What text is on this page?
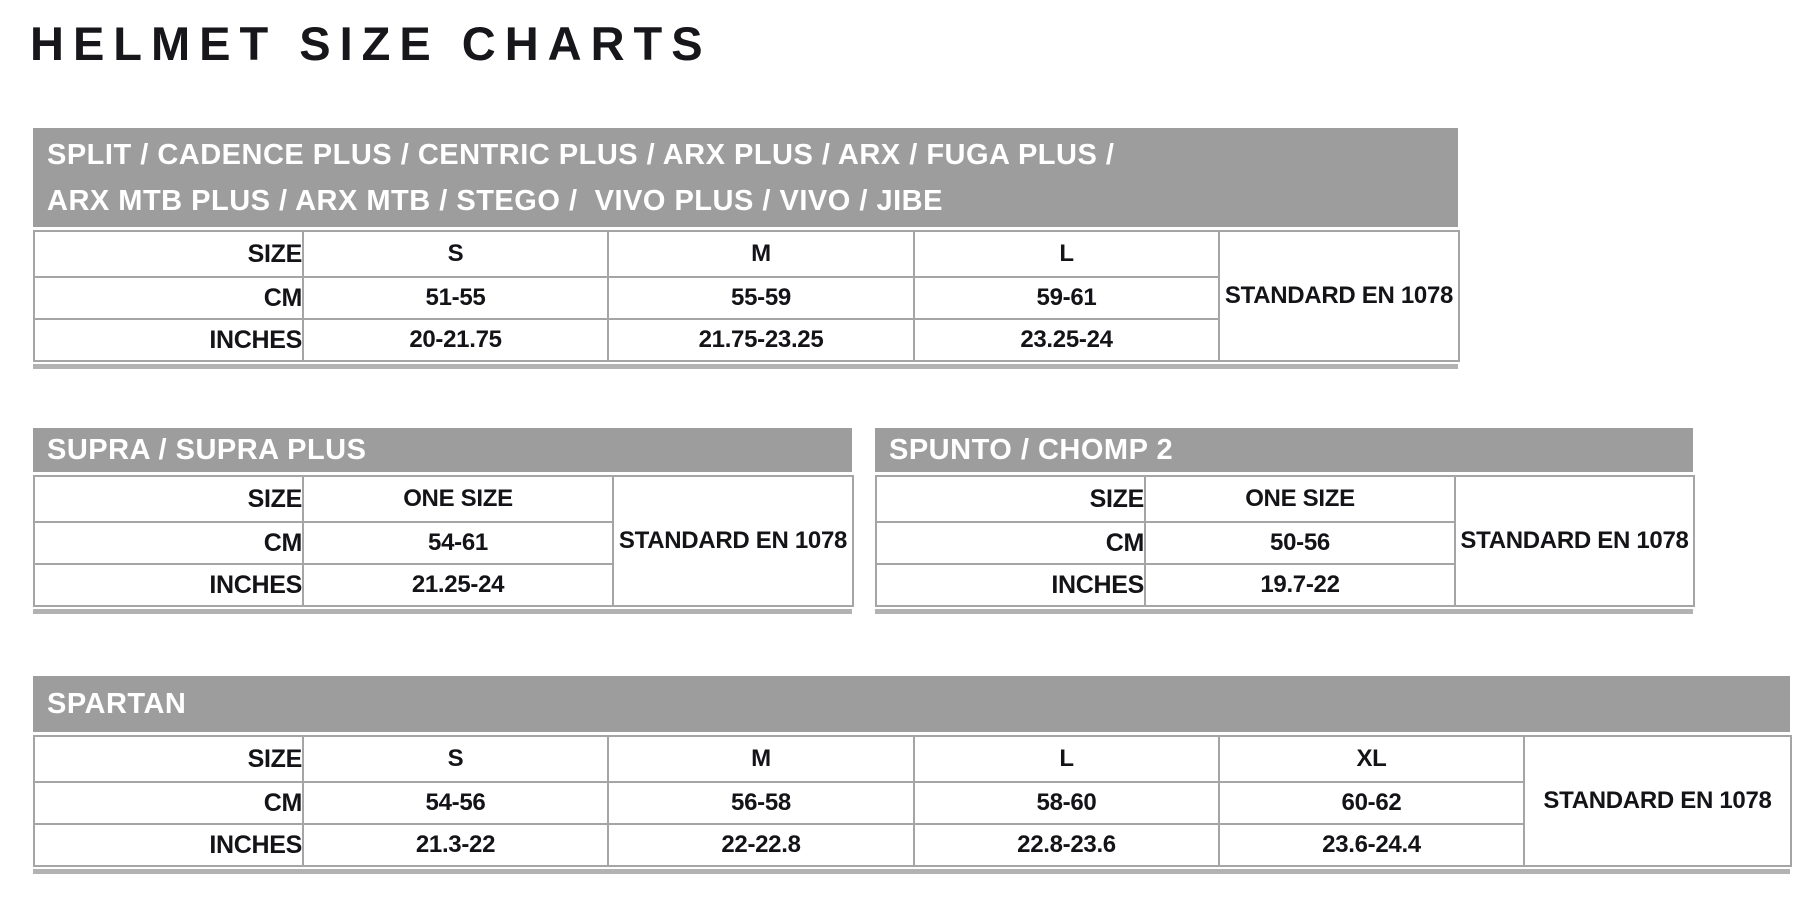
HELMET SIZE CHARTS
SPLIT / CADENCE PLUS / CENTRIC PLUS / ARX PLUS / ARX / FUGA PLUS /
ARX MTB PLUS / ARX MTB / STEGO /  VIVO PLUS / VIVO / JIBE
SIZE	S	M	L	STANDARD EN 1078
CM	51-55	55-59	59-61	
INCHES	20-21.75	21.75-23.25	23.25-24	
SUPRA / SUPRA PLUS
SIZE	ONE SIZE	STANDARD EN 1078
CM	54-61	
INCHES	21.25-24	
SPUNTO / CHOMP 2
SIZE	ONE SIZE	STANDARD EN 1078
CM	50-56	
INCHES	19.7-22	
SPARTAN
SIZE	S	M	L	XL	STANDARD EN 1078
CM	54-56	56-58	58-60	60-62	
INCHES	21.3-22	22-22.8	22.8-23.6	23.6-24.4	
